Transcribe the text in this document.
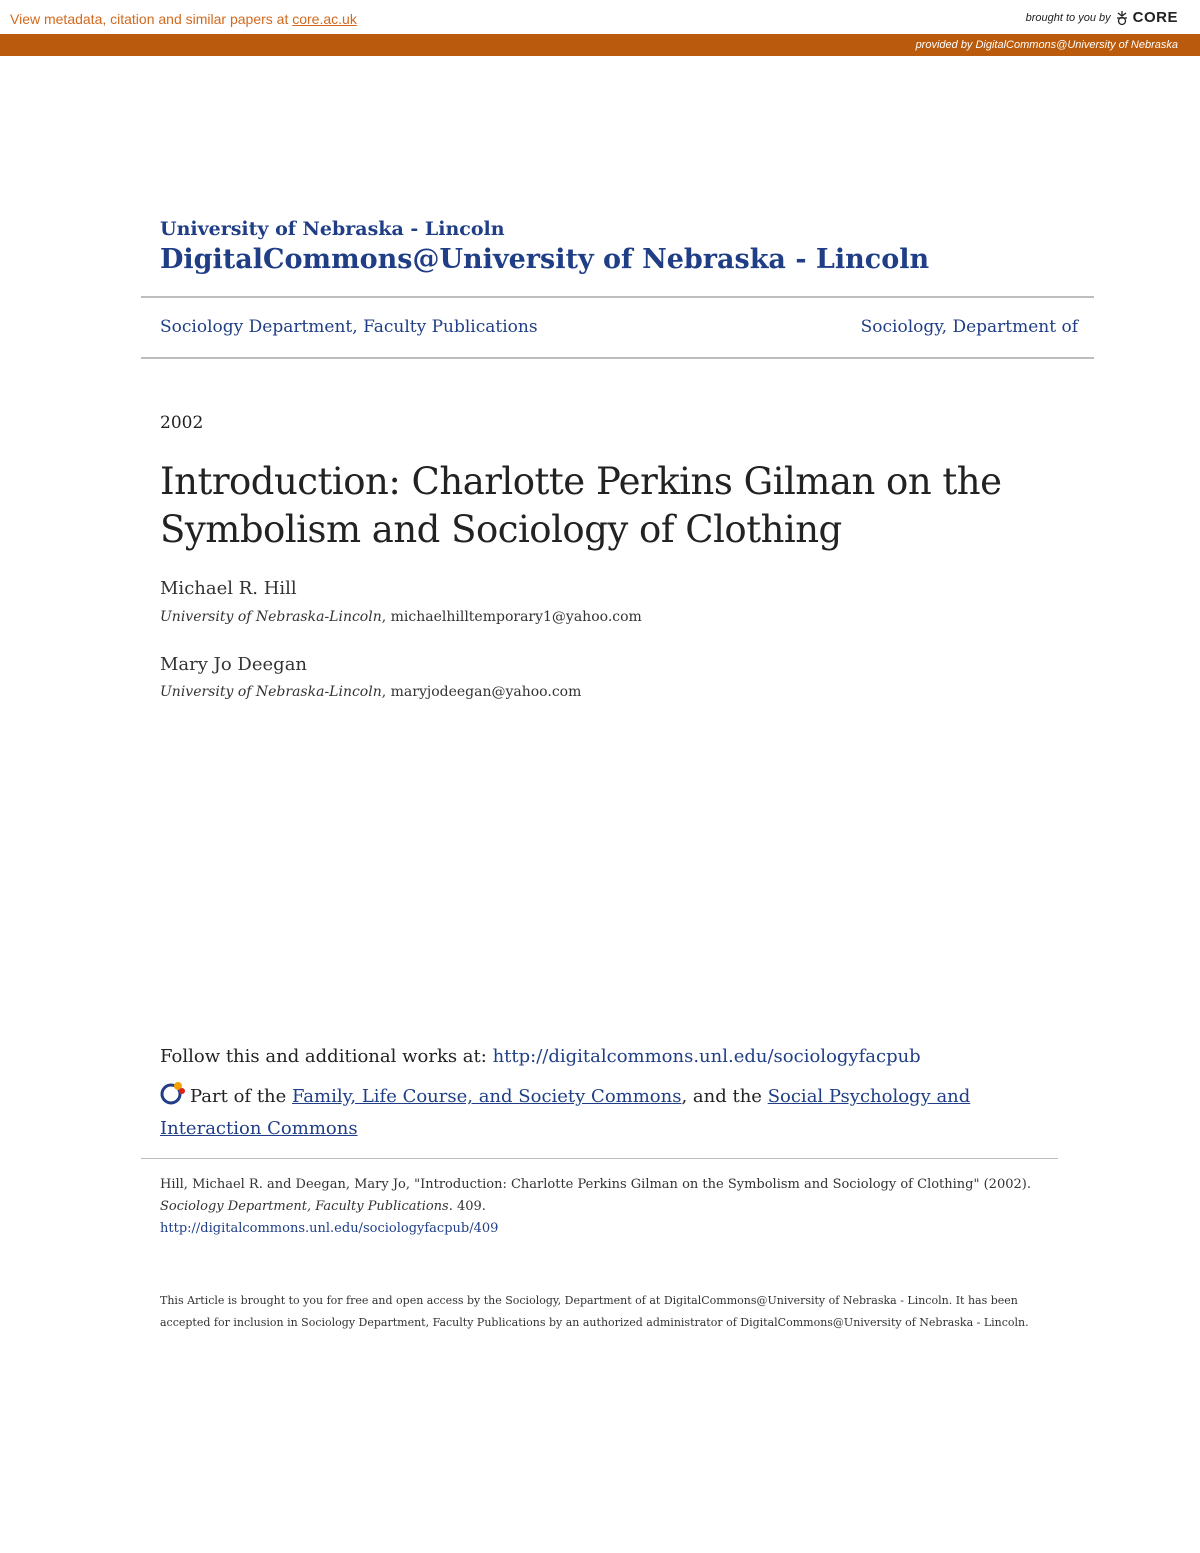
View metadata, citation and similar papers at core.ac.uk	brought to you by CORE
provided by DigitalCommons@University of Nebraska
University of Nebraska - Lincoln
DigitalCommons@University of Nebraska - Lincoln
Sociology Department, Faculty Publications	Sociology, Department of
2002
Introduction: Charlotte Perkins Gilman on the Symbolism and Sociology of Clothing
Michael R. Hill
University of Nebraska-Lincoln, michaelhilltemporary1@yahoo.com
Mary Jo Deegan
University of Nebraska-Lincoln, maryjodeegan@yahoo.com
Follow this and additional works at: http://digitalcommons.unl.edu/sociologyfacpub
Part of the Family, Life Course, and Society Commons, and the Social Psychology and Interaction Commons
Hill, Michael R. and Deegan, Mary Jo, "Introduction: Charlotte Perkins Gilman on the Symbolism and Sociology of Clothing" (2002).
Sociology Department, Faculty Publications. 409.
http://digitalcommons.unl.edu/sociologyfacpub/409
This Article is brought to you for free and open access by the Sociology, Department of at DigitalCommons@University of Nebraska - Lincoln. It has been accepted for inclusion in Sociology Department, Faculty Publications by an authorized administrator of DigitalCommons@University of Nebraska - Lincoln.
